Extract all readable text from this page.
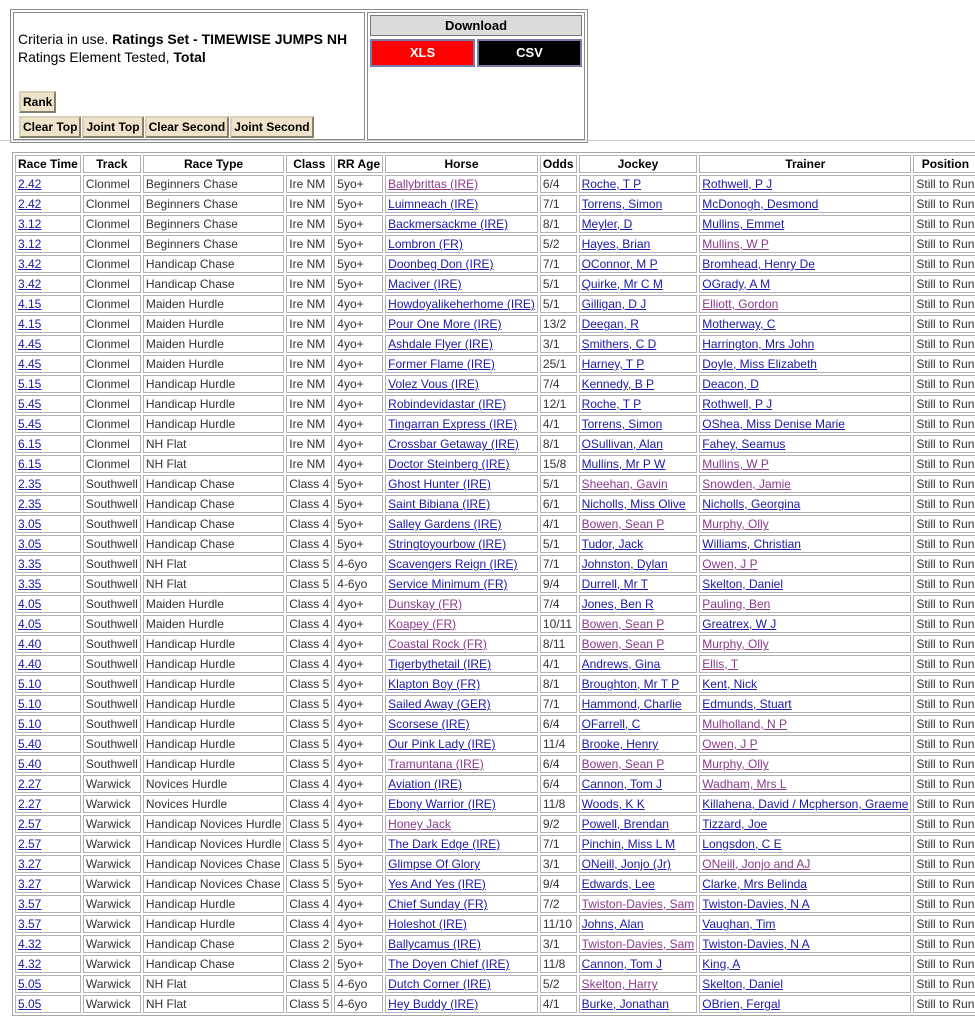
Criteria in use. Ratings Set - TIMEWISE JUMPS NH
Ratings Element Tested, Total
Rank
Clear Top	Joint Top	Clear Second	Joint Second

Download
XLS	CSV
Race Time	Track	Race Type	Class	RR Age	Horse	Odds	Jockey	Trainer	Position
2.42	Clonmel	Beginners Chase	Ire NM	5yo+	Ballybrittas (IRE)	6/4	Roche, T P	Rothwell, P J	Still to Run
2.42	Clonmel	Beginners Chase	Ire NM	5yo+	Luimneach (IRE)	7/1	Torrens, Simon	McDonogh, Desmond	Still to Run
3.12	Clonmel	Beginners Chase	Ire NM	5yo+	Backmersackme (IRE)	8/1	Meyler, D	Mullins, Emmet	Still to Run
3.12	Clonmel	Beginners Chase	Ire NM	5yo+	Lombron (FR)	5/2	Hayes, Brian	Mullins, W P	Still to Run
3.42	Clonmel	Handicap Chase	Ire NM	5yo+	Doonbeg Don (IRE)	7/1	OConnor, M P	Bromhead, Henry De	Still to Run
3.42	Clonmel	Handicap Chase	Ire NM	5yo+	Maciver (IRE)	5/1	Quirke, Mr C M	OGrady, A M	Still to Run
4.15	Clonmel	Maiden Hurdle	Ire NM	4yo+	Howdoyalikeherhome (IRE)	5/1	Gilligan, D J	Elliott, Gordon	Still to Run
4.15	Clonmel	Maiden Hurdle	Ire NM	4yo+	Pour One More (IRE)	13/2	Deegan, R	Motherway, C	Still to Run
4.45	Clonmel	Maiden Hurdle	Ire NM	4yo+	Ashdale Flyer (IRE)	3/1	Smithers, C D	Harrington, Mrs John	Still to Run
4.45	Clonmel	Maiden Hurdle	Ire NM	4yo+	Former Flame (IRE)	25/1	Harney, T P	Doyle, Miss Elizabeth	Still to Run
5.15	Clonmel	Handicap Hurdle	Ire NM	4yo+	Volez Vous (IRE)	7/4	Kennedy, B P	Deacon, D	Still to Run
5.45	Clonmel	Handicap Hurdle	Ire NM	4yo+	Robindevidastar (IRE)	12/1	Roche, T P	Rothwell, P J	Still to Run
5.45	Clonmel	Handicap Hurdle	Ire NM	4yo+	Tingarran Express (IRE)	4/1	Torrens, Simon	OShea, Miss Denise Marie	Still to Run
6.15	Clonmel	NH Flat	Ire NM	4yo+	Crossbar Getaway (IRE)	8/1	OSullivan, Alan	Fahey, Seamus	Still to Run
6.15	Clonmel	NH Flat	Ire NM	4yo+	Doctor Steinberg (IRE)	15/8	Mullins, Mr P W	Mullins, W P	Still to Run
2.35	Southwell	Handicap Chase	Class 4	5yo+	Ghost Hunter (IRE)	5/1	Sheehan, Gavin	Snowden, Jamie	Still to Run
2.35	Southwell	Handicap Chase	Class 4	5yo+	Saint Bibiana (IRE)	6/1	Nicholls, Miss Olive	Nicholls, Georgina	Still to Run
3.05	Southwell	Handicap Chase	Class 4	5yo+	Salley Gardens (IRE)	4/1	Bowen, Sean P	Murphy, Olly	Still to Run
3.05	Southwell	Handicap Chase	Class 4	5yo+	Stringtoyourbow (IRE)	5/1	Tudor, Jack	Williams, Christian	Still to Run
3.35	Southwell	NH Flat	Class 5	4-6yo	Scavengers Reign (IRE)	7/1	Johnston, Dylan	Owen, J P	Still to Run
3.35	Southwell	NH Flat	Class 5	4-6yo	Service Minimum (FR)	9/4	Durrell, Mr T	Skelton, Daniel	Still to Run
4.05	Southwell	Maiden Hurdle	Class 4	4yo+	Dunskay (FR)	7/4	Jones, Ben R	Pauling, Ben	Still to Run
4.05	Southwell	Maiden Hurdle	Class 4	4yo+	Koapey (FR)	10/11	Bowen, Sean P	Greatrex, W J	Still to Run
4.40	Southwell	Handicap Hurdle	Class 4	4yo+	Coastal Rock (FR)	8/11	Bowen, Sean P	Murphy, Olly	Still to Run
4.40	Southwell	Handicap Hurdle	Class 4	4yo+	Tigerbythetail (IRE)	4/1	Andrews, Gina	Ellis, T	Still to Run
5.10	Southwell	Handicap Hurdle	Class 5	4yo+	Klapton Boy (FR)	8/1	Broughton, Mr T P	Kent, Nick	Still to Run
5.10	Southwell	Handicap Hurdle	Class 5	4yo+	Sailed Away (GER)	7/1	Hammond, Charlie	Edmunds, Stuart	Still to Run
5.10	Southwell	Handicap Hurdle	Class 5	4yo+	Scorsese (IRE)	6/4	OFarrell, C	Mulholland, N P	Still to Run
5.40	Southwell	Handicap Hurdle	Class 5	4yo+	Our Pink Lady (IRE)	11/4	Brooke, Henry	Owen, J P	Still to Run
5.40	Southwell	Handicap Hurdle	Class 5	4yo+	Tramuntana (IRE)	6/4	Bowen, Sean P	Murphy, Olly	Still to Run
2.27	Warwick	Novices Hurdle	Class 4	4yo+	Aviation (IRE)	6/4	Cannon, Tom J	Wadham, Mrs L	Still to Run
2.27	Warwick	Novices Hurdle	Class 4	4yo+	Ebony Warrior (IRE)	11/8	Woods, K K	Killahena, David / Mcpherson, Graeme	Still to Run
2.57	Warwick	Handicap Novices Hurdle	Class 5	4yo+	Honey Jack	9/2	Powell, Brendan	Tizzard, Joe	Still to Run
2.57	Warwick	Handicap Novices Hurdle	Class 5	4yo+	The Dark Edge (IRE)	7/1	Pinchin, Miss L M	Longsdon, C E	Still to Run
3.27	Warwick	Handicap Novices Chase	Class 5	5yo+	Glimpse Of Glory	3/1	ONeill, Jonjo (Jr)	ONeill, Jonjo and AJ	Still to Run
3.27	Warwick	Handicap Novices Chase	Class 5	5yo+	Yes And Yes (IRE)	9/4	Edwards, Lee	Clarke, Mrs Belinda	Still to Run
3.57	Warwick	Handicap Hurdle	Class 4	4yo+	Chief Sunday (FR)	7/2	Twiston-Davies, Sam	Twiston-Davies, N A	Still to Run
3.57	Warwick	Handicap Hurdle	Class 4	4yo+	Holeshot (IRE)	11/10	Johns, Alan	Vaughan, Tim	Still to Run
4.32	Warwick	Handicap Chase	Class 2	5yo+	Ballycamus (IRE)	3/1	Twiston-Davies, Sam	Twiston-Davies, N A	Still to Run
4.32	Warwick	Handicap Chase	Class 2	5yo+	The Doyen Chief (IRE)	11/8	Cannon, Tom J	King, A	Still to Run
5.05	Warwick	NH Flat	Class 5	4-6yo	Dutch Corner (IRE)	5/2	Skelton, Harry	Skelton, Daniel	Still to Run
5.05	Warwick	NH Flat	Class 5	4-6yo	Hey Buddy (IRE)	4/1	Burke, Jonathan	OBrien, Fergal	Still to Run
